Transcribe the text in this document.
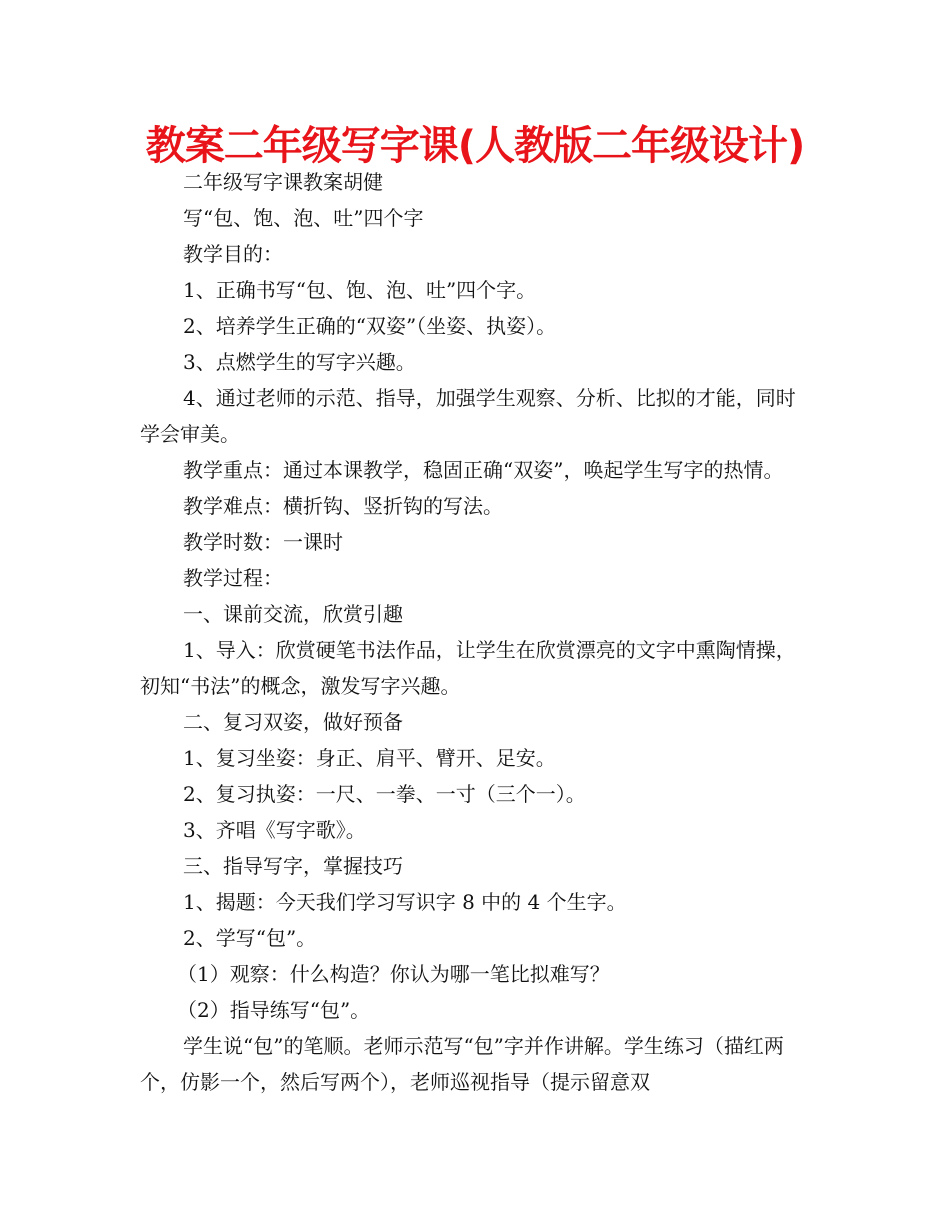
教案二年级写字课(人教版二年级设计)

二年级写字课教案胡健

写“包、饱、泡、吐”四个字

教学目的：

1、正确书写“包、饱、泡、吐”四个字。

2、培养学生正确的“双姿”（坐姿、执姿）。

3、点燃学生的写字兴趣。

4、通过老师的示范、指导，加强学生观察、分析、比拟的才能，同时学会审美。

教学重点：通过本课教学，稳固正确“双姿”，唤起学生写字的热情。

教学难点：横折钩、竖折钩的写法。

教学时数：一课时

教学过程：

一、课前交流，欣赏引趣

1、导入：欣赏硬笔书法作品，让学生在欣赏漂亮的文字中熏陶情操，初知“书法”的概念，激发写字兴趣。

二、复习双姿，做好预备

1、复习坐姿：身正、肩平、臂开、足安。

2、复习执姿：一尺、一拳、一寸（三个一）。

3、齐唱《写字歌》。

三、指导写字，掌握技巧

1、揭题：今天我们学习写识字 8 中的 4 个生字。

2、学写“包”。

（1）观察：什么构造？你认为哪一笔比拟难写？

（2）指导练写“包”。

学生说“包”的笔顺。老师示范写“包”字并作讲解。学生练习（描红两个，仿影一个，然后写两个），老师巡视指导（提示留意双
